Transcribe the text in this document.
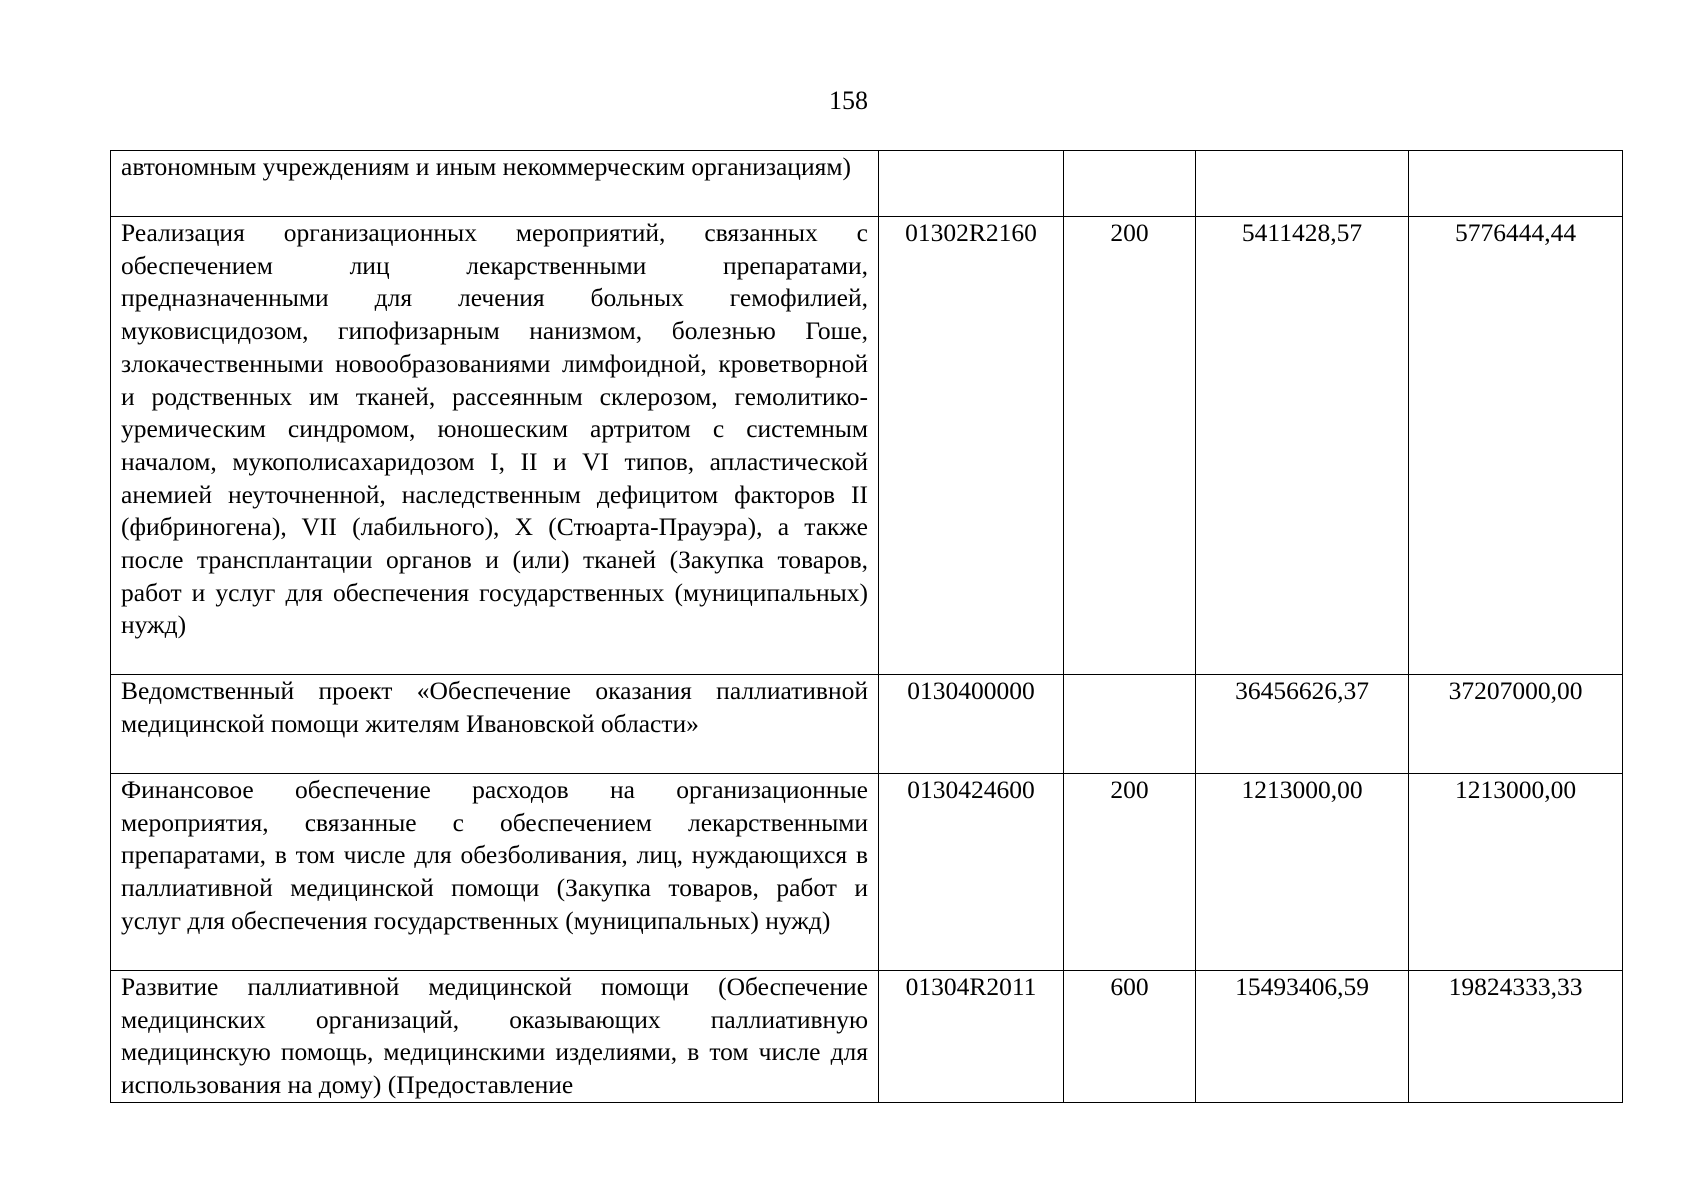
158
автономным учреждениям и иным некоммерческим организациям)				

Реализация организационных мероприятий, связанных с обеспечением лиц лекарственными препаратами, предназначенными для лечения больных гемофилией, муковисцидозом, гипофизарным нанизмом, болезнью Гоше, злокачественными новообразованиями лимфоидной, кроветворной и родственных им тканей, рассеянным склерозом, гемолитико-уремическим синдромом, юношеским артритом с системным началом, мукополисахаридозом I, II и VI типов, апластической анемией неуточненной, наследственным дефицитом факторов II (фибриногена), VII (лабильного), X (Стюарта-Прауэра), а также после трансплантации органов и (или) тканей (Закупка товаров, работ и услуг для обеспечения государственных (муниципальных) нужд)	01302R2160	200	5411428,57	5776444,44

Ведомственный проект «Обеспечение оказания паллиативной медицинской помощи жителям Ивановской области»	0130400000		36456626,37	37207000,00

Финансовое обеспечение расходов на организационные мероприятия, связанные с обеспечением лекарственными препаратами, в том числе для обезболивания, лиц, нуждающихся в паллиативной медицинской помощи (Закупка товаров, работ и услуг для обеспечения государственных (муниципальных) нужд)	0130424600	200	1213000,00	1213000,00

Развитие паллиативной медицинской помощи (Обеспечение медицинских организаций, оказывающих паллиативную медицинскую помощь, медицинскими изделиями, в том числе для использования на дому) (Предоставление	01304R2011	600	15493406,59	19824333,33
